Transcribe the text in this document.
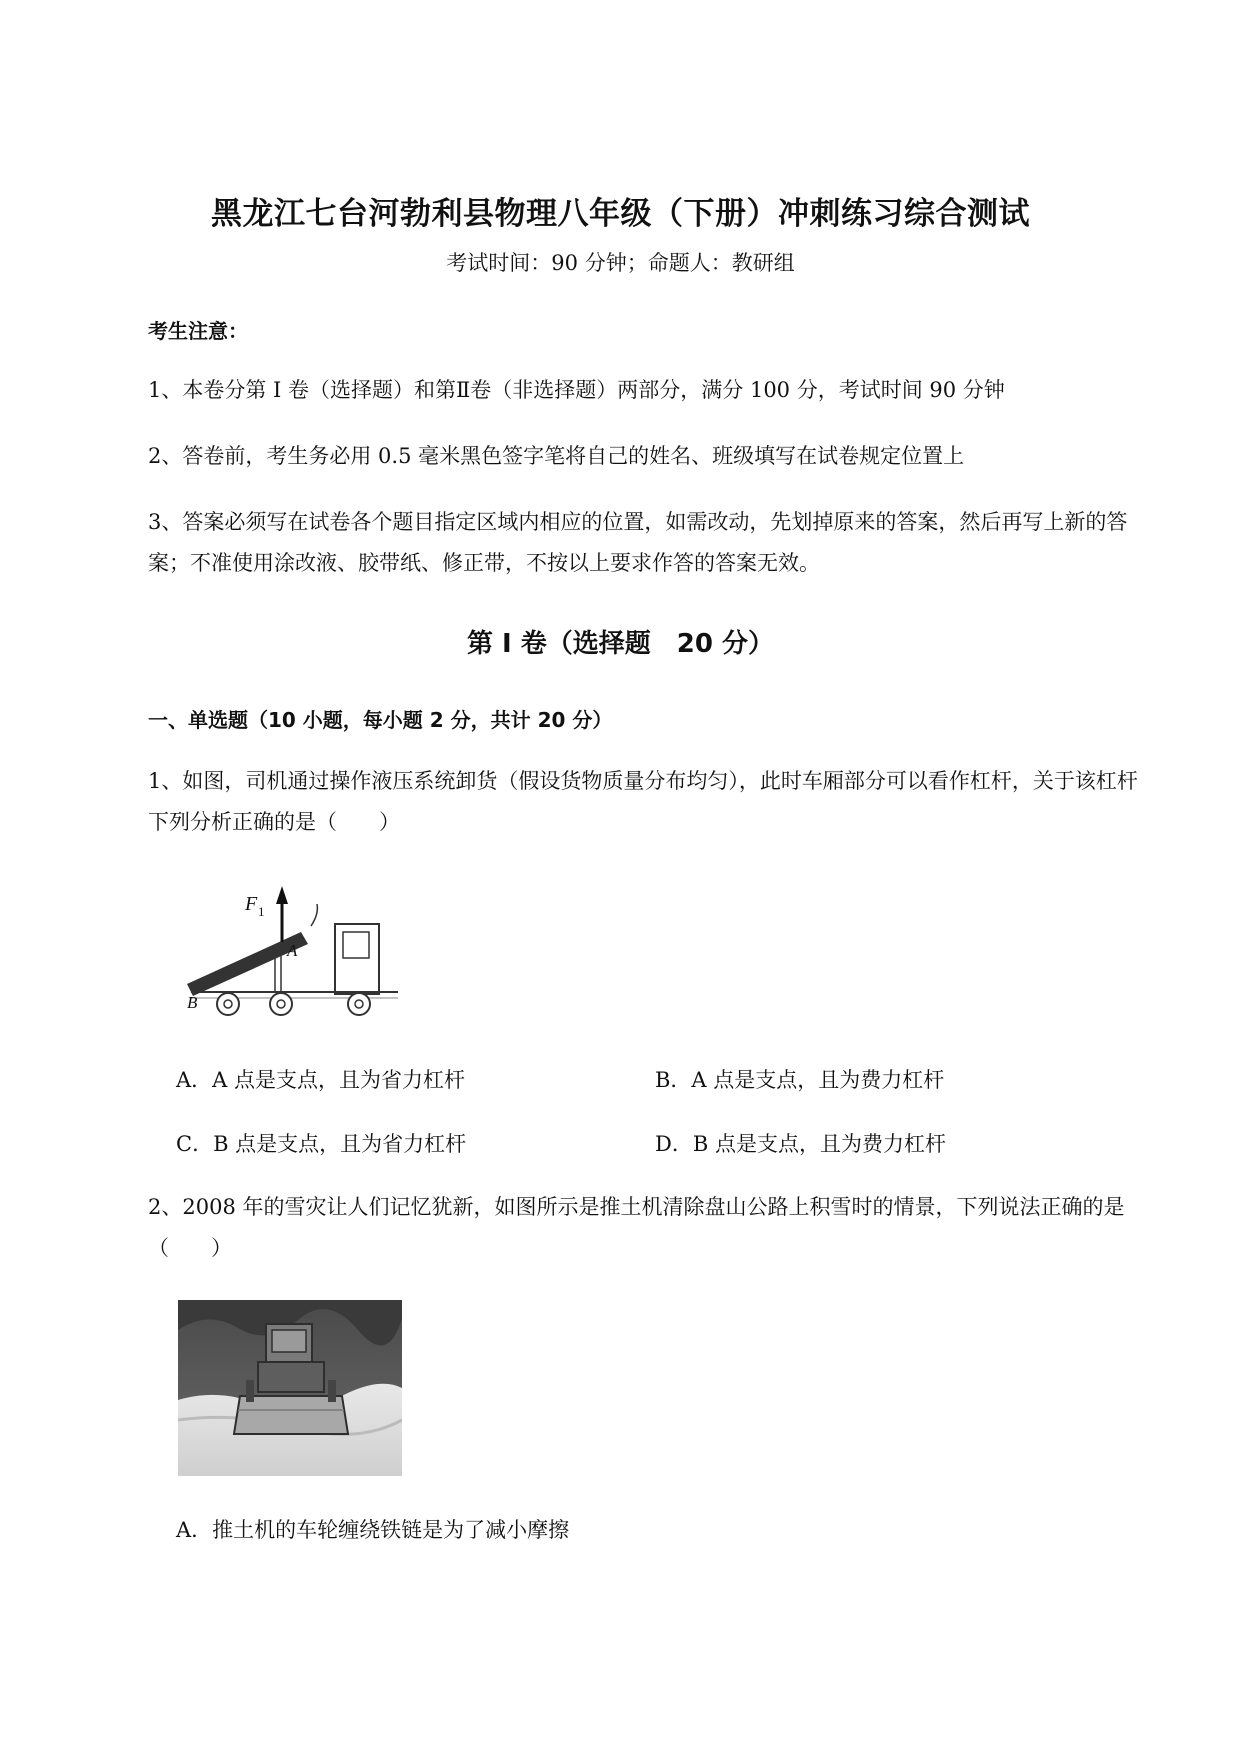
黑龙江七台河勃利县物理八年级（下册）冲刺练习综合测试
考试时间：90 分钟；命题人：教研组
考生注意：
1、本卷分第 I 卷（选择题）和第Ⅱ卷（非选择题）两部分，满分 100 分，考试时间 90 分钟
2、答卷前，考生务必用 0.5 毫米黑色签字笔将自己的姓名、班级填写在试卷规定位置上
3、答案必须写在试卷各个题目指定区域内相应的位置，如需改动，先划掉原来的答案，然后再写上新的答案；不准使用涂改液、胶带纸、修正带，不按以上要求作答的答案无效。
第 I 卷（选择题　20 分）
一、单选题（10 小题，每小题 2 分，共计 20 分）
1、如图，司机通过操作液压系统卸货（假设货物质量分布均匀），此时车厢部分可以看作杠杆，关于该杠杆下列分析正确的是（　　）
F 1
A
B
A．A 点是支点，且为省力杠杆	B．A 点是支点，且为费力杠杆
C．B 点是支点，且为省力杠杆	D．B 点是支点，且为费力杠杆
2、2008 年的雪灾让人们记忆犹新，如图所示是推土机清除盘山公路上积雪时的情景，下列说法正确的是（　　）
A．推土机的车轮缠绕铁链是为了减小摩擦
